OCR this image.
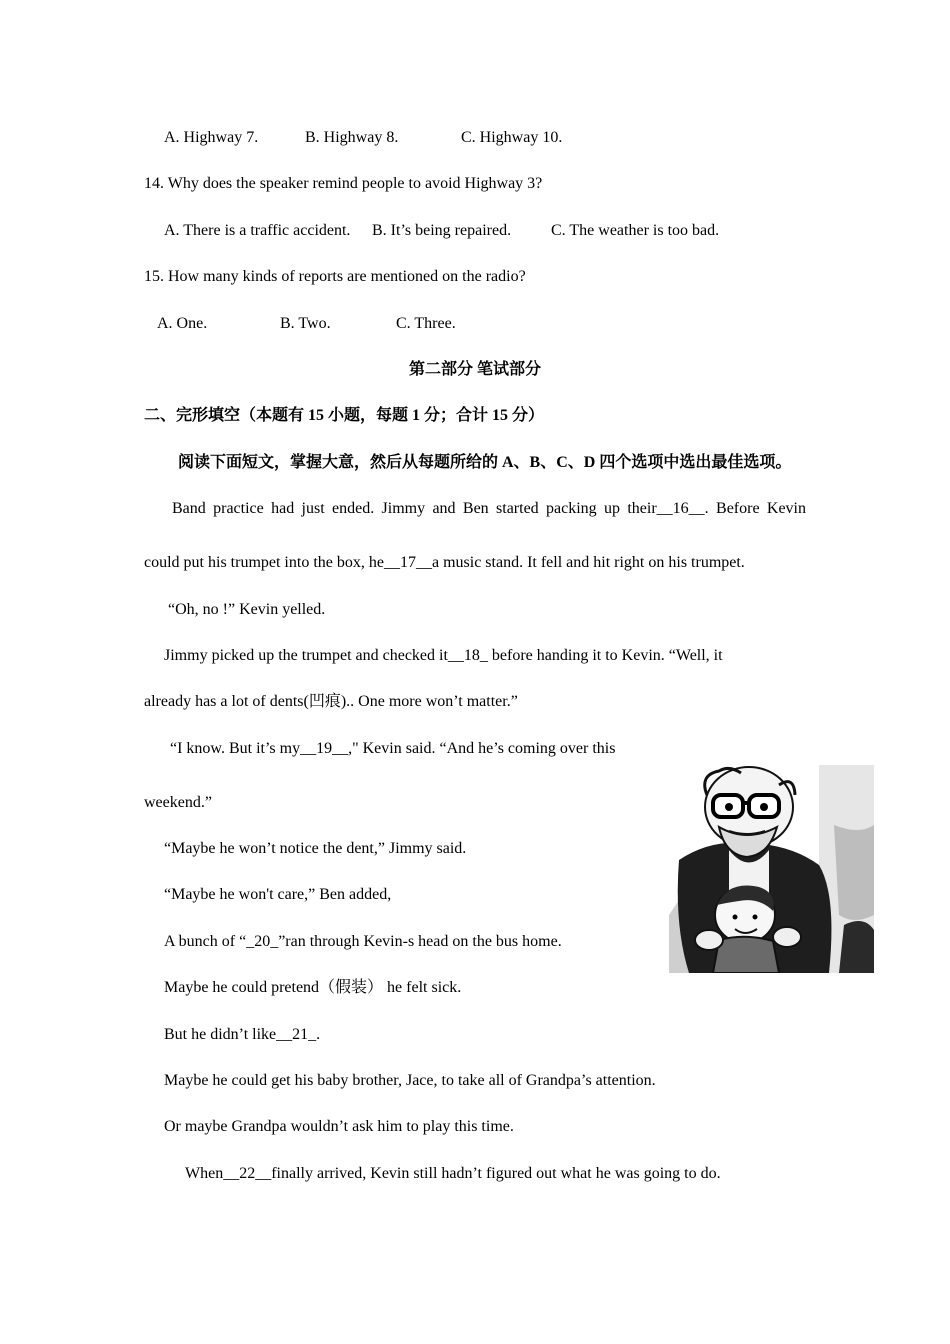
A. Highway 7.	B. Highway 8.	C. Highway 10.
14. Why does the speaker remind people to avoid Highway 3?
A. There is a traffic accident. B. It’s being repaired. C. The weather is too bad.
15. How many kinds of reports are mentioned on the radio?
A. One.	B. Two.	C. Three.
第二部分 笔试部分
二、完形填空（本题有 15 小题，每题 1 分；合计 15 分）
阅读下面短文，掌握大意，然后从每题所给的 A、B、C、D 四个选项中选出最佳选项。
Band practice had just ended. Jimmy and Ben started packing up their__16__. Before Kevin
could put his trumpet into the box, he__17__a music stand. It fell and hit right on his trumpet.
“Oh, no !” Kevin yelled.
Jimmy picked up the trumpet and checked it__18_ before handing it to Kevin. “Well, it
already has a lot of dents(凹痕).. One more won’t matter.”
“I know. But it’s my__19__," Kevin said. “And he’s coming over this
weekend.”
“Maybe he won’t notice the dent,” Jimmy said.
“Maybe he won't care,” Ben added,
A bunch of “_20_”ran through Kevin-s head on the bus home.
Maybe he could pretend（假装） he felt sick.
But he didn’t like__21_.
Maybe he could get his baby brother, Jace, to take all of Grandpa’s attention.
Or maybe Grandpa wouldn’t ask him to play this time.
When__22__finally arrived, Kevin still hadn’t figured out what he was going to do.
